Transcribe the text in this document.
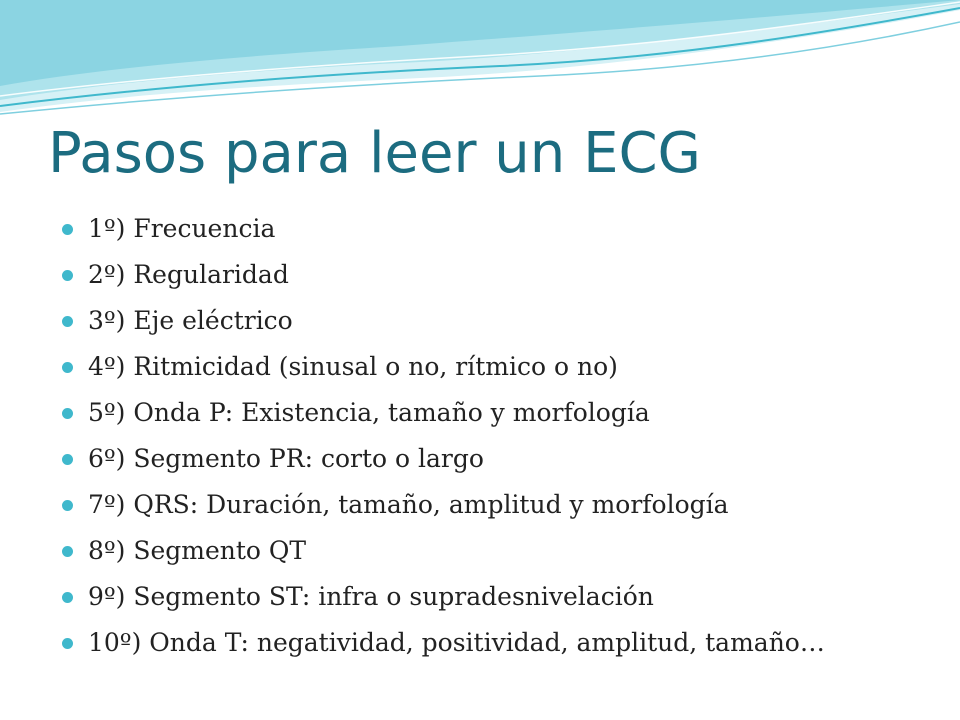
Pasos para leer un ECG
1º) Frecuencia
2º) Regularidad
3º) Eje eléctrico
4º) Ritmicidad (sinusal o no, rítmico o no)
5º) Onda P: Existencia, tamaño y morfología
6º) Segmento PR: corto o largo
7º) QRS: Duración, tamaño, amplitud y morfología
8º) Segmento QT
9º) Segmento ST: infra o supradesnivelación
10º) Onda T: negatividad, positividad, amplitud, tamaño…
